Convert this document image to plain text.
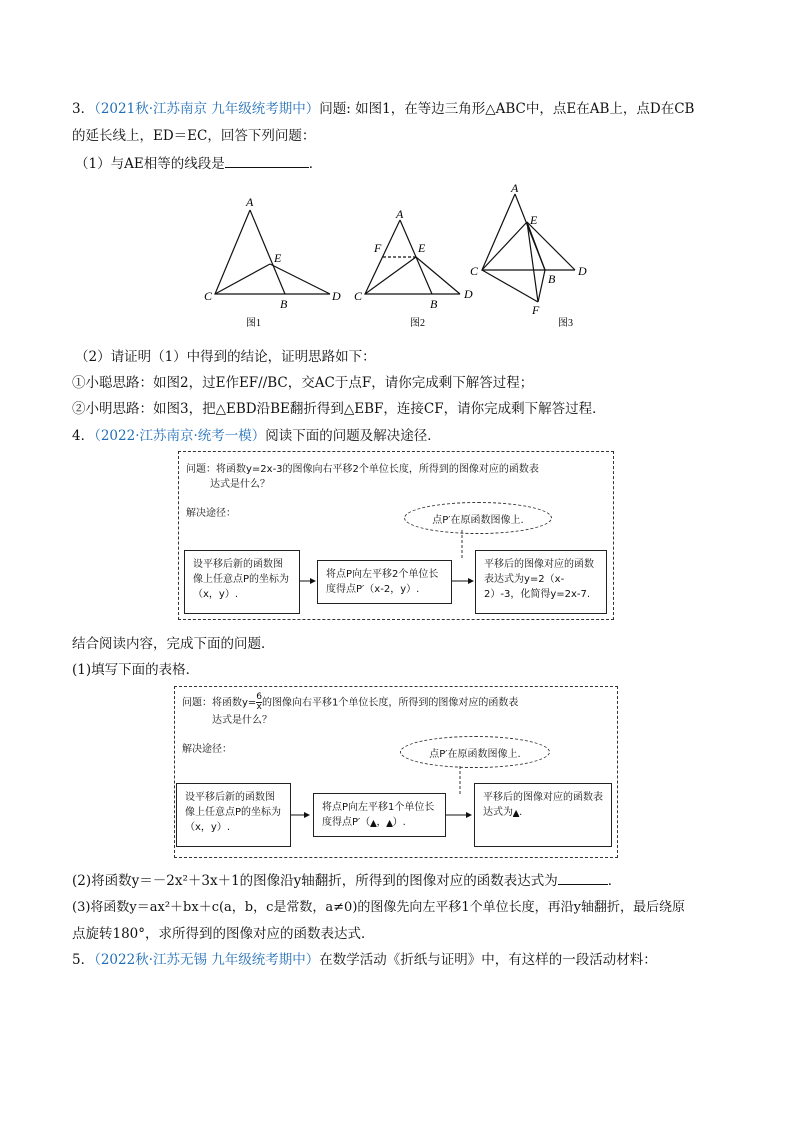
3．（2021秋·江苏南京 九年级统考期中）问题: 如图1，在等边三角形△ABC中，点E在AB上，点D在CB
的延长线上，ED＝EC，回答下列问题：
（1）与AE相等的线段是	．
A
E
C
B
D
图1
A
F	E
C
B
D
图2
A
E
C	D
B
F
图3
（2）请证明（1）中得到的结论，证明思路如下：
①小聪思路：如图2，过E作EF//BC，交AC于点F，请你完成剩下解答过程；
②小明思路：如图3，把△EBD沿BE翻折得到△EBF，连接CF，请你完成剩下解答过程．
4．（2022·江苏南京·统考一模）阅读下面的问题及解决途径．
问题：将函数y=2x-3的图像向右平移2个单位长度，所得到的图像对应的函数表
达式是什么？
解决途径：
点P′在原函数图像上.
设平移后新的函数图像上任意点P的坐标为（x，y）.
将点P向左平移2个单位长度得点P′（x-2，y）.
平移后的图像对应的函数表达式为y=2（x-2）-3，化简得y=2x-7.
结合阅读内容，完成下面的问题．
(1)填写下面的表格．
问题：将函数$y= \frac{6}{x}$ 的图像向右平移1个单位长度，所得到的图像对应的函数表
达式是什么？
解决途径：	点P′在原函数图像上.
设平移后新的函数图像上任意点P的坐标为（x，y）.
将点P向左平移1个单位长度得点P′（▲，▲）.
平移后的图像对应的函数表达式为▲.
(2)将函数y＝－2x²＋3x＋1的图像沿y轴翻折，所得到的图像对应的函数表达式为	．
(3)将函数y＝ax²＋bx＋c(a，b，c是常数，a≠0)的图像先向左平移1个单位长度，再沿y轴翻折，最后绕原
点旋转180°，求所得到的图像对应的函数表达式．
5．（2022秋·江苏无锡 九年级统考期中）在数学活动《折纸与证明》中，有这样的一段活动材料：
